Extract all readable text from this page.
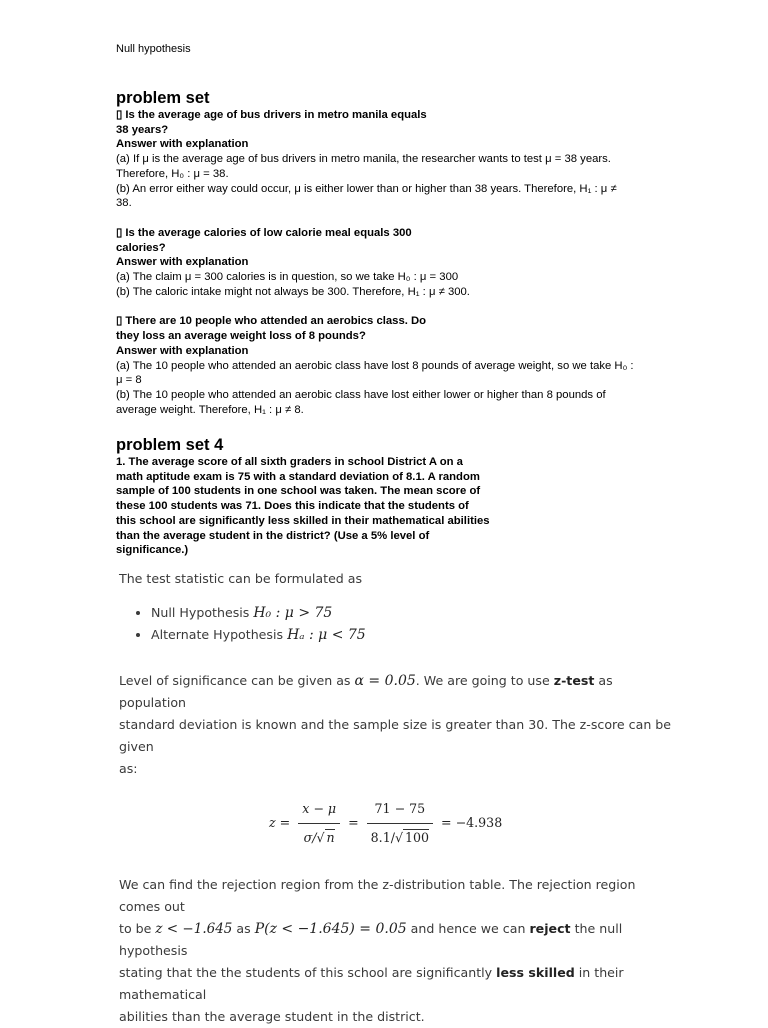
Null hypothesis
problem set
▯ Is the average age of bus drivers in metro manila equals
38 years?
Answer with explanation
(a) If μ is the average age of bus drivers in metro manila, the researcher wants to test μ = 38 years.
Therefore, H₀ : μ = 38.
(b) An error either way could occur, μ is either lower than or higher than 38 years. Therefore, H₁ : μ ≠
38.
▯ Is the average calories of low calorie meal equals 300
calories?
Answer with explanation
(a) The claim μ = 300 calories is in question, so we take H₀ : μ = 300
(b) The caloric intake might not always be 300. Therefore, H₁ : μ ≠ 300.
▯ There are 10 people who attended an aerobics class. Do
they loss an average weight loss of 8 pounds?
Answer with explanation
(a) The 10 people who attended an aerobic class have lost 8 pounds of average weight, so we take H₀ :
μ = 8
(b) The 10 people who attended an aerobic class have lost either lower or higher than 8 pounds of
average weight. Therefore, H₁ : μ ≠ 8.
problem set 4
1. The average score of all sixth graders in school District A on a
math aptitude exam is 75 with a standard deviation of 8.1. A random
sample of 100 students in one school was taken. The mean score of
these 100 students was 71. Does this indicate that the students of
this school are significantly less skilled in their mathematical abilities
than the average student in the district? (Use a 5% level of
significance.)
The test statistic can be formulated as
• Null Hypothesis H₀ : μ > 75
• Alternate Hypothesis Hₐ : μ < 75
Level of significance can be given as α = 0.05. We are going to use z-test as population
standard deviation is known and the sample size is greater than 30. The z-score can be given
as:
$z = \frac{x - \mu}{\sigma/√ n} = \frac{71 - 75}{8.1/√ 100} = -4.938$
We can find the rejection region from the z-distribution table. The rejection region comes out
to be z < −1.645 as P(z < −1.645) = 0.05 and hence we can reject the null hypothesis
stating that the the students of this school are significantly less skilled in their mathematical
abilities than the average student in the district.
